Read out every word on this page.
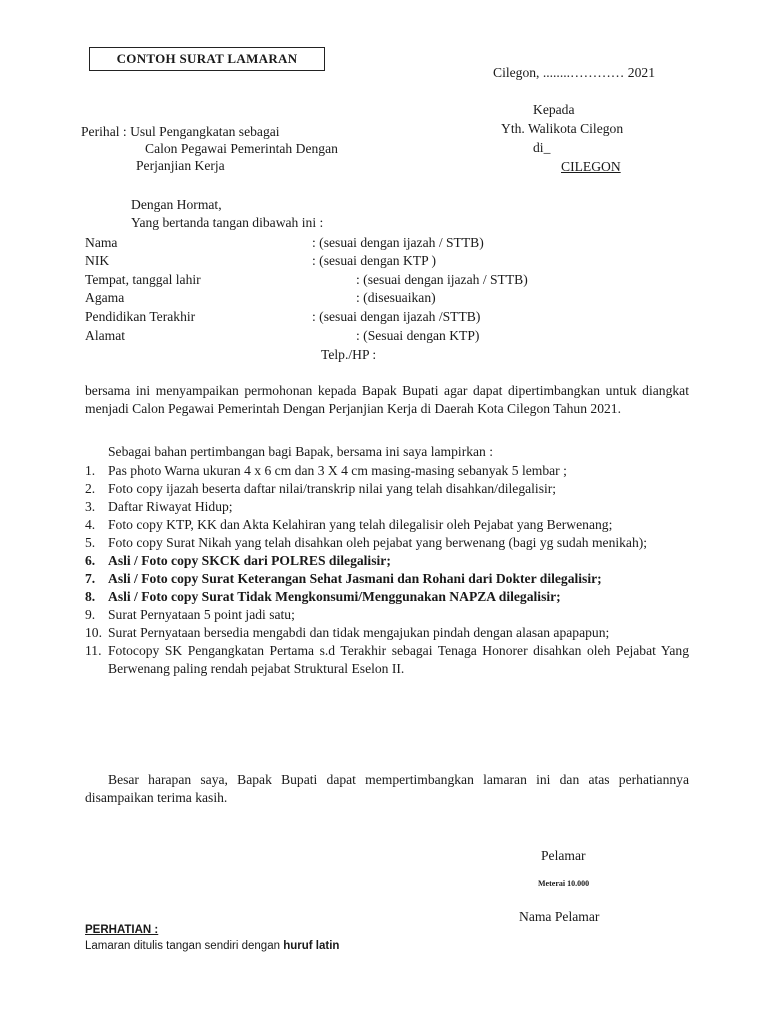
CONTOH SURAT LAMARAN
Cilegon, ........………… 2021
Kepada
Yth. Walikota Cilegon
di_
CILEGON
Perihal : Usul Pengangkatan sebagai
Calon Pegawai Pemerintah Dengan
Perjanjian Kerja
Dengan Hormat,
Yang bertanda tangan dibawah ini :
Nama	: (sesuai dengan ijazah / STTB)
NIK	: (sesuai dengan KTP )
Tempat, tanggal lahir	: (sesuai dengan ijazah / STTB)
Agama	: (disesuaikan)
Pendidikan Terakhir	: (sesuai dengan ijazah /STTB)
Alamat	: (Sesuai dengan KTP)
Telp./HP :
bersama ini menyampaikan permohonan kepada Bapak Bupati agar dapat dipertimbangkan untuk diangkat menjadi Calon Pegawai Pemerintah Dengan Perjanjian Kerja di Daerah Kota Cilegon Tahun 2021.
Sebagai bahan pertimbangan bagi Bapak, bersama ini saya lampirkan :
1. Pas photo Warna ukuran 4 x 6 cm dan 3 X 4 cm masing-masing sebanyak 5 lembar ;
2. Foto copy ijazah beserta daftar nilai/transkrip nilai yang telah disahkan/dilegalisir;
3. Daftar Riwayat Hidup;
4. Foto copy KTP, KK dan Akta Kelahiran yang telah dilegalisir oleh Pejabat yang Berwenang;
5. Foto copy Surat Nikah yang telah disahkan oleh pejabat yang berwenang (bagi yg sudah menikah);
6. Asli / Foto copy SKCK dari POLRES dilegalisir;
7. Asli / Foto copy Surat Keterangan Sehat Jasmani dan Rohani dari Dokter dilegalisir;
8. Asli / Foto copy Surat Tidak Mengkonsumi/Menggunakan NAPZA dilegalisir;
9. Surat Pernyataan 5 point jadi satu;
10. Surat Pernyataan bersedia mengabdi dan tidak mengajukan pindah dengan alasan apapapun;
11. Fotocopy SK Pengangkatan Pertama s.d Terakhir sebagai Tenaga Honorer disahkan oleh Pejabat Yang Berwenang paling rendah pejabat Struktural Eselon II.
Besar harapan saya, Bapak Bupati dapat mempertimbangkan lamaran ini dan atas perhatiannya disampaikan terima kasih.
Pelamar
Meterai 10.000
Nama Pelamar
PERHATIAN :
Lamaran ditulis tangan sendiri dengan huruf latin
